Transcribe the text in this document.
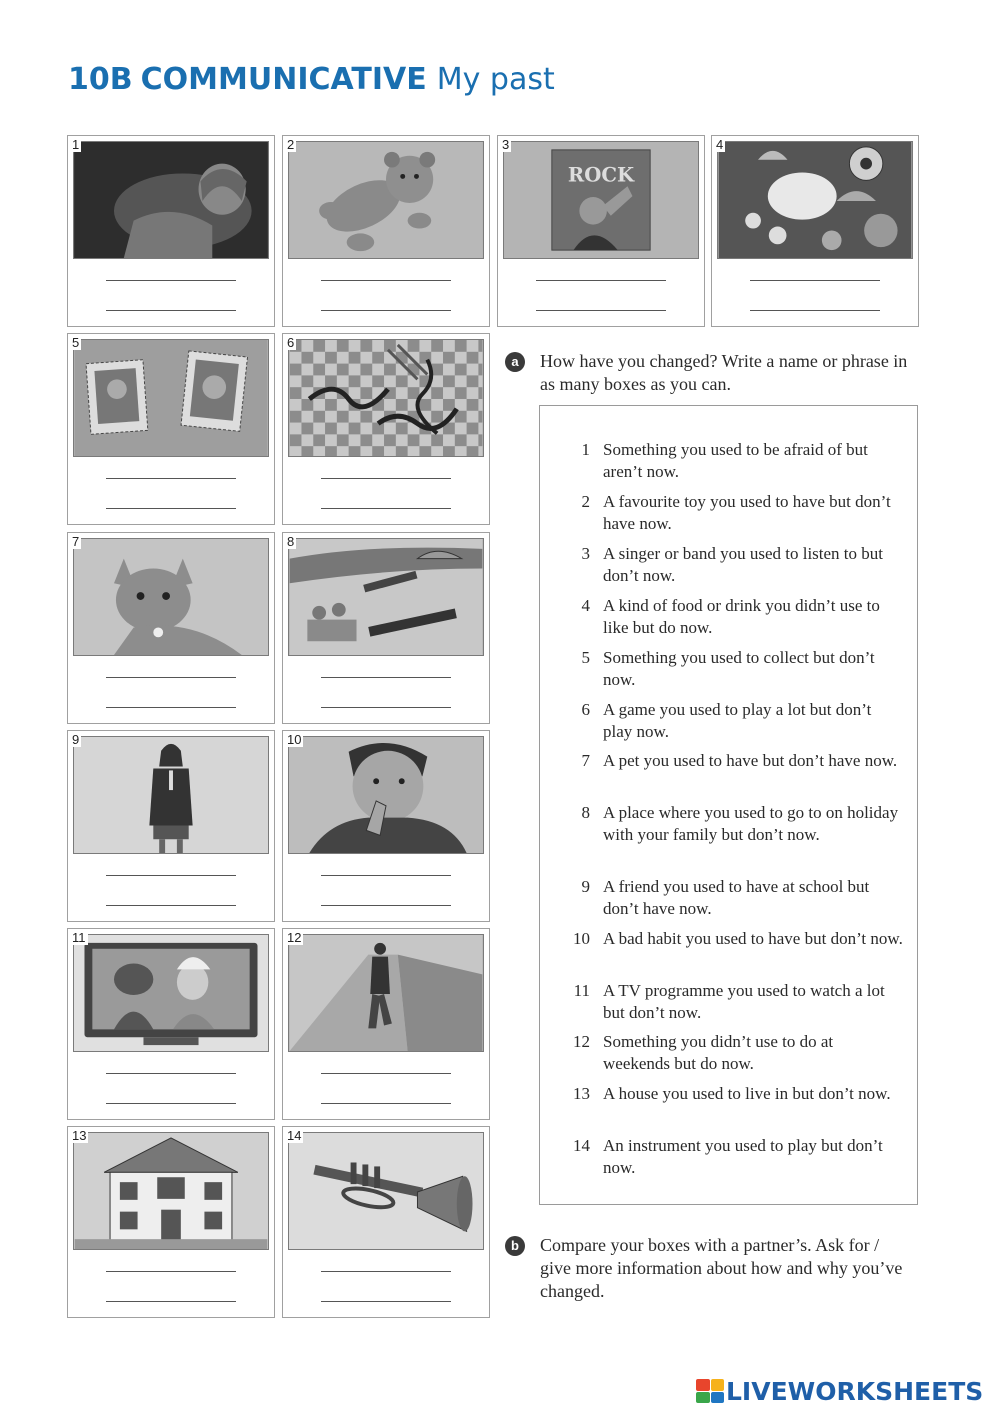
10B COMMUNICATIVE My past
1	2	3
ROCK
4
5	6
7	8
9	10
11	12
13	14
a	How have you changed? Write a name or phrase in as many boxes as you can.
1 Something you used to be afraid of but aren’t now.
2 A favourite toy you used to have but don’t have now.
3 A singer or band you used to listen to but don’t now.
4 A kind of food or drink you didn’t use to like but do now.
5 Something you used to collect but don’t now.
6 A game you used to play a lot but don’t play now.
7 A pet you used to have but don’t have now.
8 A place where you used to go to on holiday with your family but don’t now.
9 A friend you used to have at school but don’t have now.
10 A bad habit you used to have but don’t now.
11 A TV programme you used to watch a lot but don’t now.
12 Something you didn’t use to do at weekends but do now.
13 A house you used to live in but don’t now.
14 An instrument you used to play but don’t now.
b	Compare your boxes with a partner’s. Ask for / give more information about how and why you’ve changed.
LIVEWORKSHEETS
